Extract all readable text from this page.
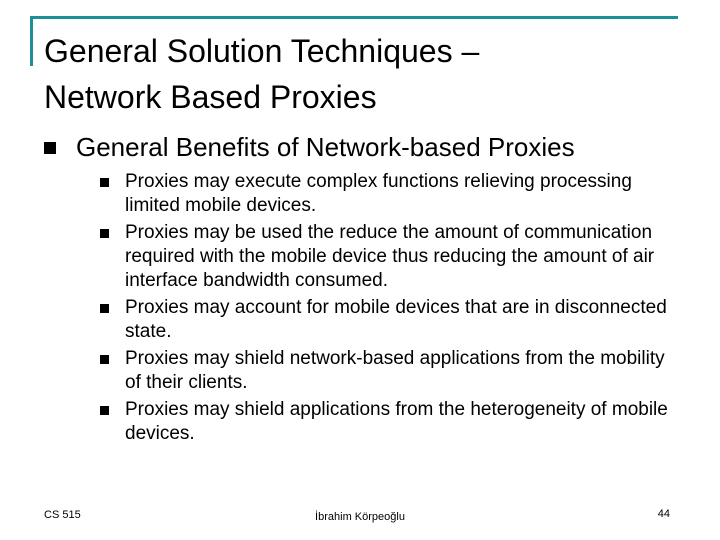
General Solution Techniques –
Network Based Proxies
General Benefits of Network-based Proxies
Proxies may execute complex functions relieving processing limited mobile devices.
Proxies may be used the reduce the amount of communication required with the mobile device thus reducing the amount of air interface bandwidth consumed.
Proxies may account for mobile devices that are in disconnected state.
Proxies may shield network-based applications from the mobility of their clients.
Proxies may shield applications from the heterogeneity of mobile devices.
CS 515	İbrahim Körpeoğlu	44
